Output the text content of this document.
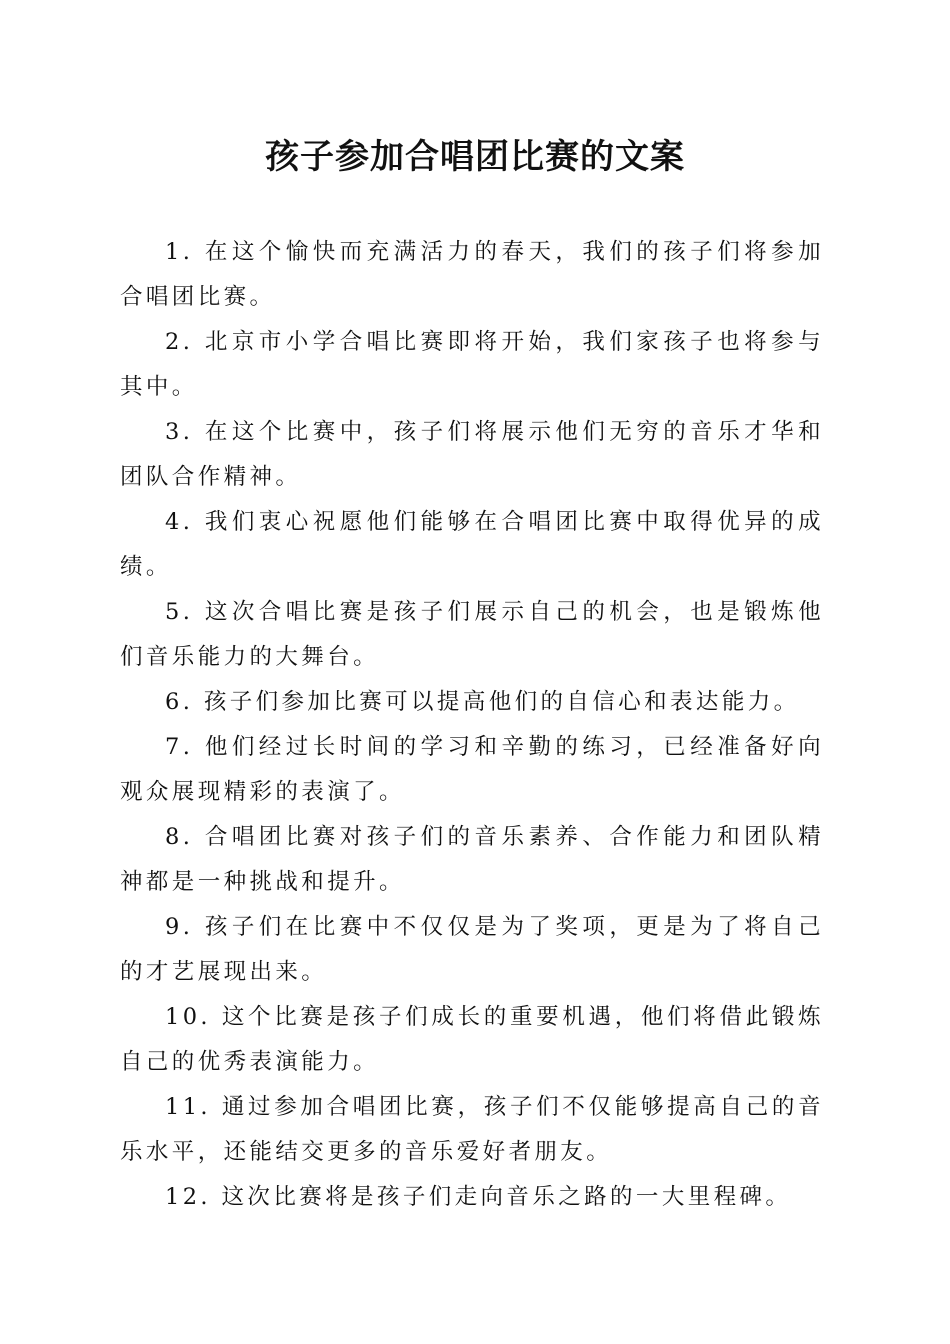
孩子参加合唱团比赛的文案

1. 在这个愉快而充满活力的春天，我们的孩子们将参加合唱团比赛。

2. 北京市小学合唱比赛即将开始，我们家孩子也将参与其中。

3. 在这个比赛中，孩子们将展示他们无穷的音乐才华和团队合作精神。

4. 我们衷心祝愿他们能够在合唱团比赛中取得优异的成绩。

5. 这次合唱比赛是孩子们展示自己的机会，也是锻炼他们音乐能力的大舞台。

6. 孩子们参加比赛可以提高他们的自信心和表达能力。

7. 他们经过长时间的学习和辛勤的练习，已经准备好向观众展现精彩的表演了。

8. 合唱团比赛对孩子们的音乐素养、合作能力和团队精神都是一种挑战和提升。

9. 孩子们在比赛中不仅仅是为了奖项，更是为了将自己的才艺展现出来。

10. 这个比赛是孩子们成长的重要机遇，他们将借此锻炼自己的优秀表演能力。

11. 通过参加合唱团比赛，孩子们不仅能够提高自己的音乐水平，还能结交更多的音乐爱好者朋友。

12. 这次比赛将是孩子们走向音乐之路的一大里程碑。
